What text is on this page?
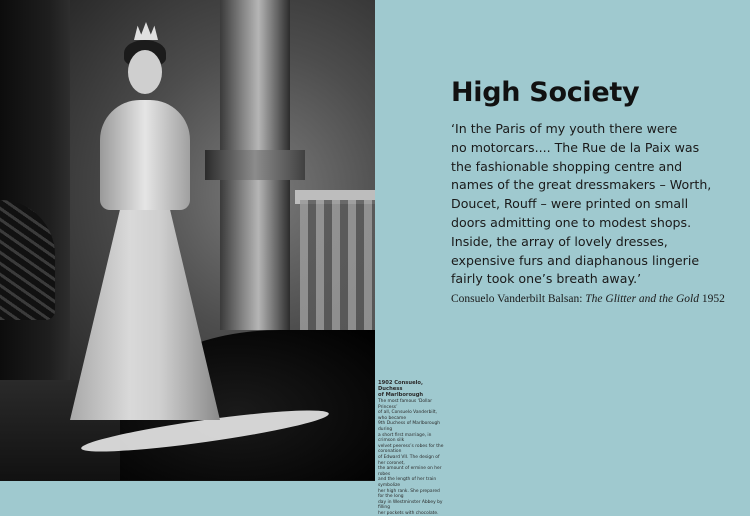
1902 Consuelo, Duchess
of Marlborough
The most famous ‘Dollar Princess’
of all, Consuelo Vanderbilt, who became
9th Duchess of Marlborough during
a short first marriage, in crimson silk
velvet peeress’s robes for the coronation
of Edward VII. The design of her coronet,
the amount of ermine on her robes
and the length of her train symbolize
her high rank. She prepared for the long
day in Westminster Abbey by filling
her pockets with chocolate.
High Society
‘In the Paris of my youth there were
no motorcars.... The Rue de la Paix was
the fashionable shopping centre and
names of the great dressmakers – Worth,
Doucet, Rouff – were printed on small
doors admitting one to modest shops.
Inside, the array of lovely dresses,
expensive furs and diaphanous lingerie
fairly took one’s breath away.’

Consuelo Vanderbilt Balsan: The Glitter and the Gold 1952
